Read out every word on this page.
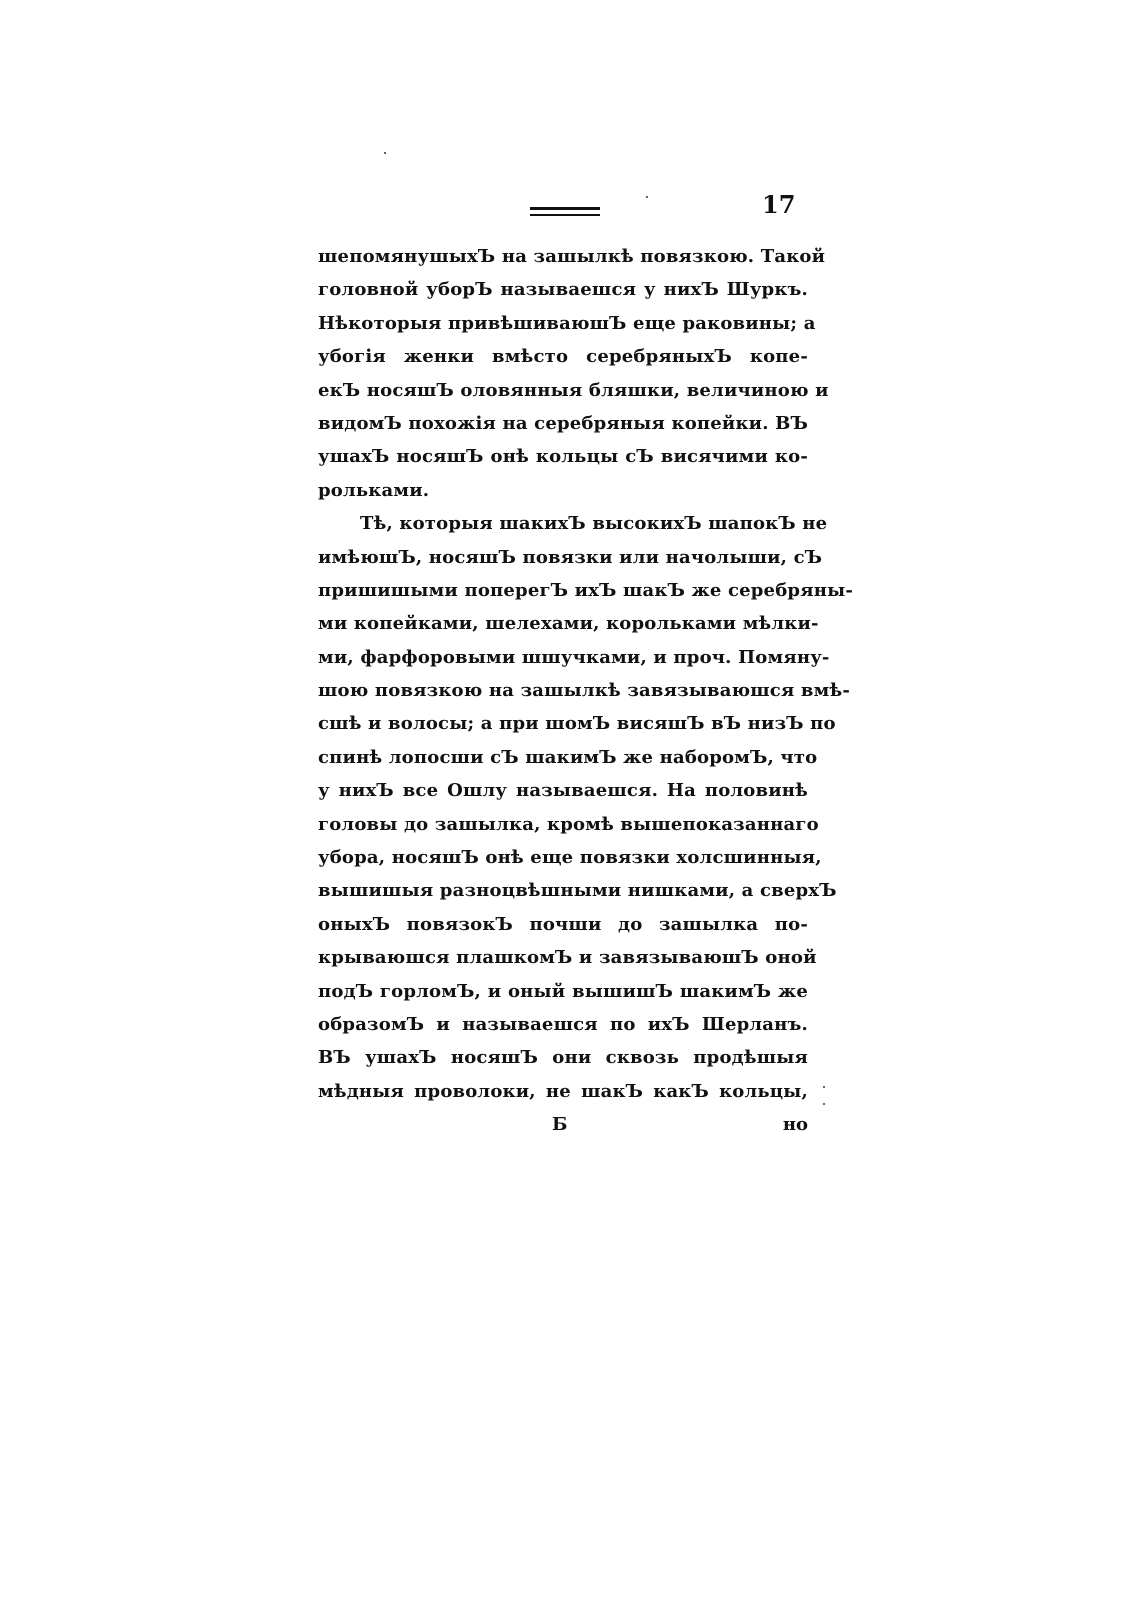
17
шепомянушыхЪ на зашылкѣ повязкою. Такой
головной уборЪ называешся у нихЪ Шуркъ.
Нѣкоторыя привѣшиваюшЪ еще раковины; а
убогія женки вмѣсто серебряныхЪ копе-
екЪ носяшЪ оловянныя бляшки, величиною и
видомЪ похожія на серебряныя копейки. ВЪ
ушахЪ носяшЪ онѣ кольцы сЪ висячими ко-
рольками.
Тѣ, которыя шакихЪ высокихЪ шапокЪ не
имѣюшЪ, носяшЪ повязки или начолыши, сЪ
пришишыми поперегЪ ихЪ шакЪ же серебряны-
ми копейками, шелехами, корольками мѣлки-
ми, фарфоровыми шшучками, и проч. Помяну-
шою повязкою на зашылкѣ завязываюшся вмѣ-
сшѣ и волосы; а при шомЪ висяшЪ вЪ низЪ по
спинѣ лопосши сЪ шакимЪ же наборомЪ, что
у нихЪ все Ошлу называешся. На половинѣ
головы до зашылка, кромѣ вышепоказаннаго
убора, носяшЪ онѣ еще повязки холсшинныя,
вышишыя разноцвѣшными нишками, а сверхЪ
оныхЪ повязокЪ почши до зашылка по-
крываюшся плашкомЪ и завязываюшЪ оной
подЪ горломЪ, и оный вышишЪ шакимЪ же
образомЪ и называешся по ихЪ Шерланъ.
ВЪ ушахЪ носяшЪ они сквозь продѣшыя
мѣдныя проволоки, не шакЪ какЪ кольцы,
Б	но
